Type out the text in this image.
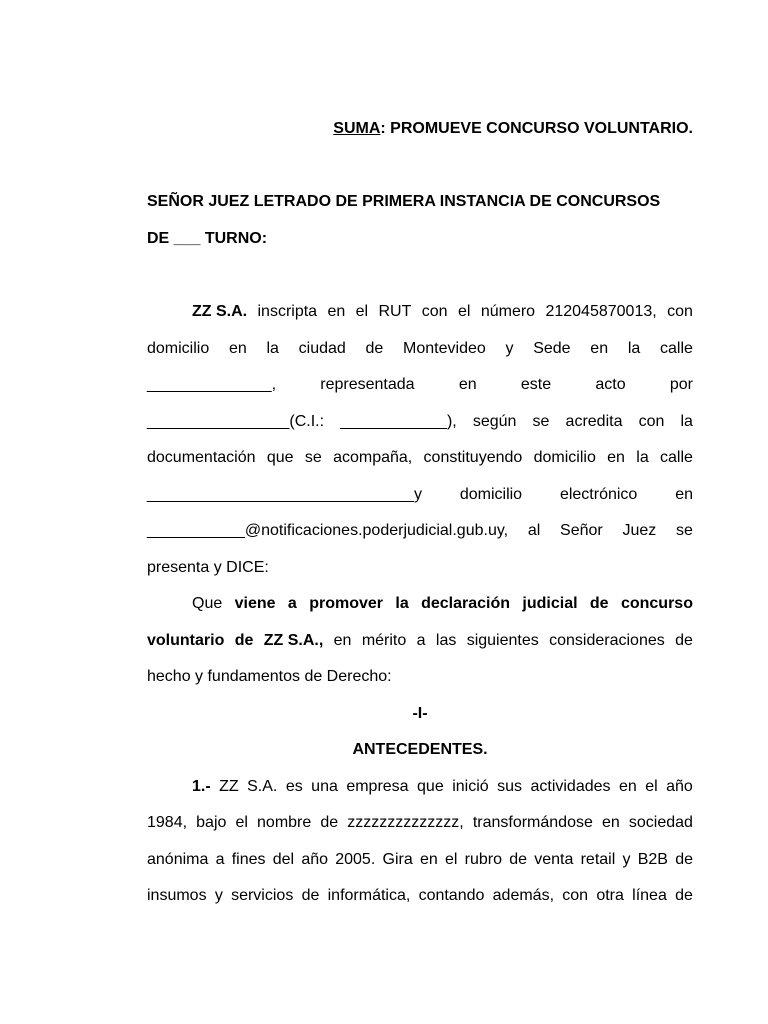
SUMA: PROMUEVE CONCURSO VOLUNTARIO.
SEÑOR JUEZ LETRADO DE PRIMERA INSTANCIA DE CONCURSOS
DE ___ TURNO:
ZZ S.A. inscripta en el RUT con el número 212045870013, con
domicilio en la ciudad de Montevideo y Sede en la calle
______________,	representada	en	este	acto	por
________________(C.I.: ____________), según se acredita con la
documentación que se acompaña, constituyendo domicilio en la calle
______________________________y domicilio electrónico en
___________@notificaciones.poderjudicial.gub.uy, al Señor Juez se
presenta y DICE:
Que viene a promover la declaración judicial de concurso
voluntario de ZZ S.A., en mérito a las siguientes consideraciones de
hecho y fundamentos de Derecho:
-I-
ANTECEDENTES.
1.- ZZ S.A. es una empresa que inició sus actividades en el año
1984, bajo el nombre de zzzzzzzzzzzzzz, transformándose en sociedad
anónima a fines del año 2005. Gira en el rubro de venta retail y B2B de
insumos y servicios de informática, contando además, con otra línea de
